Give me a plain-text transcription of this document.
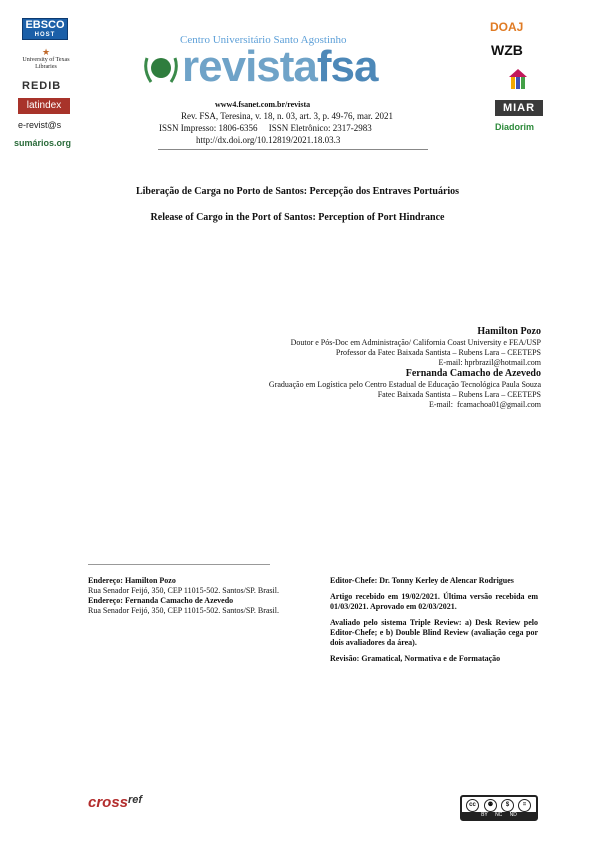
EBSCO
HOST
★
University of Texas Libraries
REDIB
latindex
e-revist@s
sumários.org
DOAJ
WZB
MIAR
Diadorim
Centro Universitário Santo Agostinho
revistafsa
www4.fsanet.com.br/revista
Rev. FSA, Teresina, v. 18, n. 03, art. 3, p. 49-76, mar. 2021
ISSN Impresso: 1806-6356     ISSN Eletrônico: 2317-2983
http://dx.doi.org/10.12819/2021.18.03.3
Liberação de Carga no Porto de Santos: Percepção dos Entraves Portuários
Release of Cargo in the Port of Santos: Perception of Port Hindrance
Hamilton Pozo
Doutor e Pós-Doc em Administração/ California Coast University e FEA/USP
Professor da Fatec Baixada Santista – Rubens Lara – CEETEPS
E-mail: hprbrazil@hotmail.com
Fernanda Camacho de Azevedo
Graduação em Logística pelo Centro Estadual de Educação Tecnológica Paula Souza
Fatec Baixada Santista – Rubens Lara – CEETEPS
E-mail:  fcamachoa01@gmail.com
Endereço: Hamilton Pozo
Rua Senador Feijó, 350, CEP 11015-502. Santos/SP. Brasil.
Endereço: Fernanda Camacho de Azevedo
Rua Senador Feijó, 350, CEP 11015-502. Santos/SP. Brasil.

Editor-Chefe: Dr. Tonny Kerley de Alencar Rodrigues

Artigo recebido em 19/02/2021. Última versão recebida em 01/03/2021. Aprovado em 02/03/2021.

Avaliado pelo sistema Triple Review: a) Desk Review pelo Editor-Chefe; e b) Double Blind Review (avaliação cega por dois avaliadores da área).

Revisão: Gramatical, Normativa e de Formatação

cross$^{ref}$	cc	⚉	$	=
BY NC ND
